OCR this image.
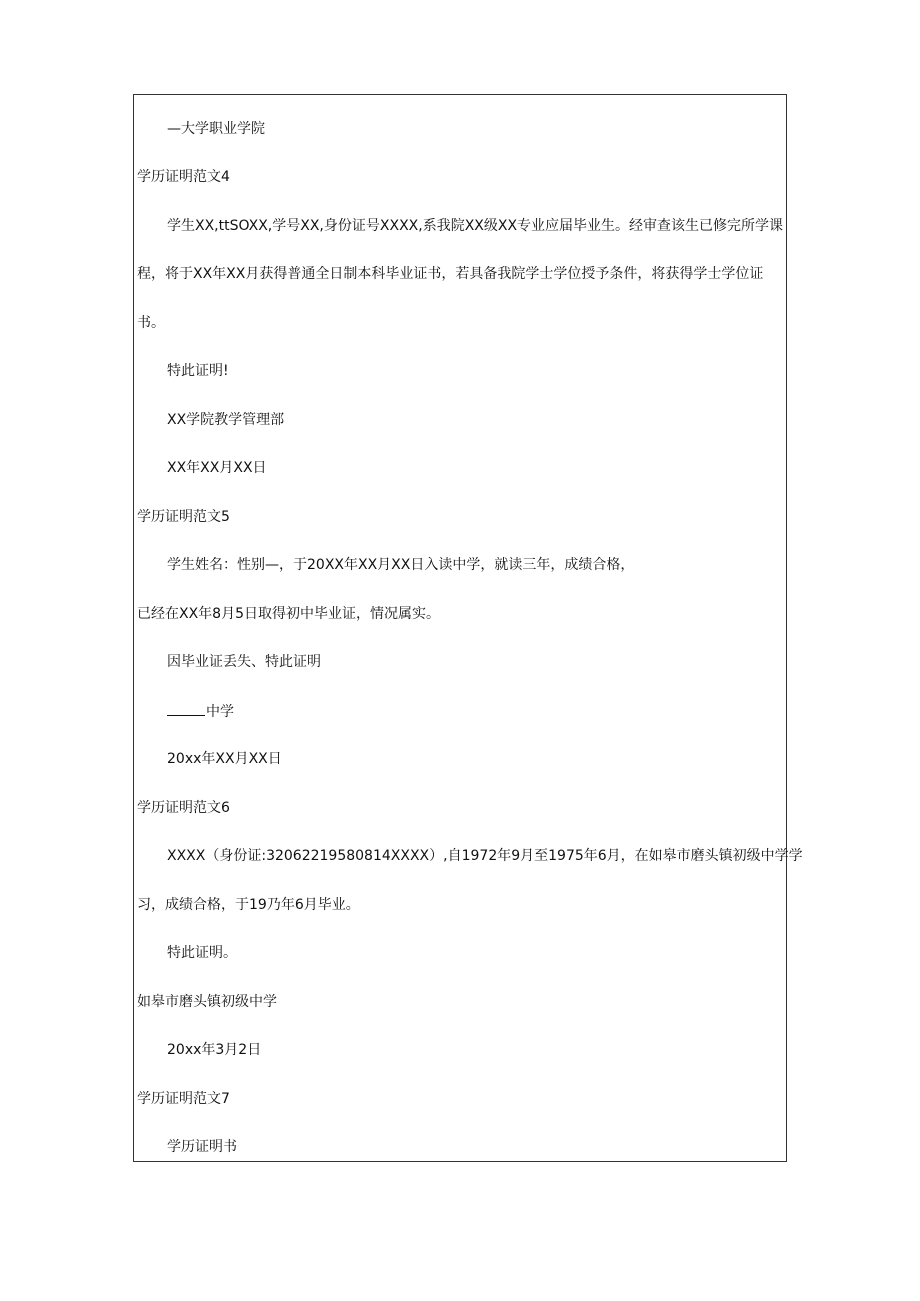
—大学职业学院
学历证明范文4
学生XX,ttSOXX,学号XX,身份证号XXXX,系我院XX级XX专业应届毕业生。经审查该生已修完所学课
程，将于XX年XX月获得普通全日制本科毕业证书，若具备我院学士学位授予条件，将获得学士学位证
书。
特此证明!
XX学院教学管理部
XX年XX月XX日
学历证明范文5
学生姓名：性别—，于20XX年XX月XX日入读中学，就读三年，成绩合格，
已经在XX年8月5日取得初中毕业证，情况属实。
因毕业证丢失、特此证明
中学
20xx年XX月XX日
学历证明范文6
XXXX（身份证:32062219580814XXXX）,自1972年9月至1975年6月，在如皋市磨头镇初级中学学
习，成绩合格，于19乃年6月毕业。
特此证明。
如皋市磨头镇初级中学
20xx年3月2日
学历证明范文7
学历证明书
